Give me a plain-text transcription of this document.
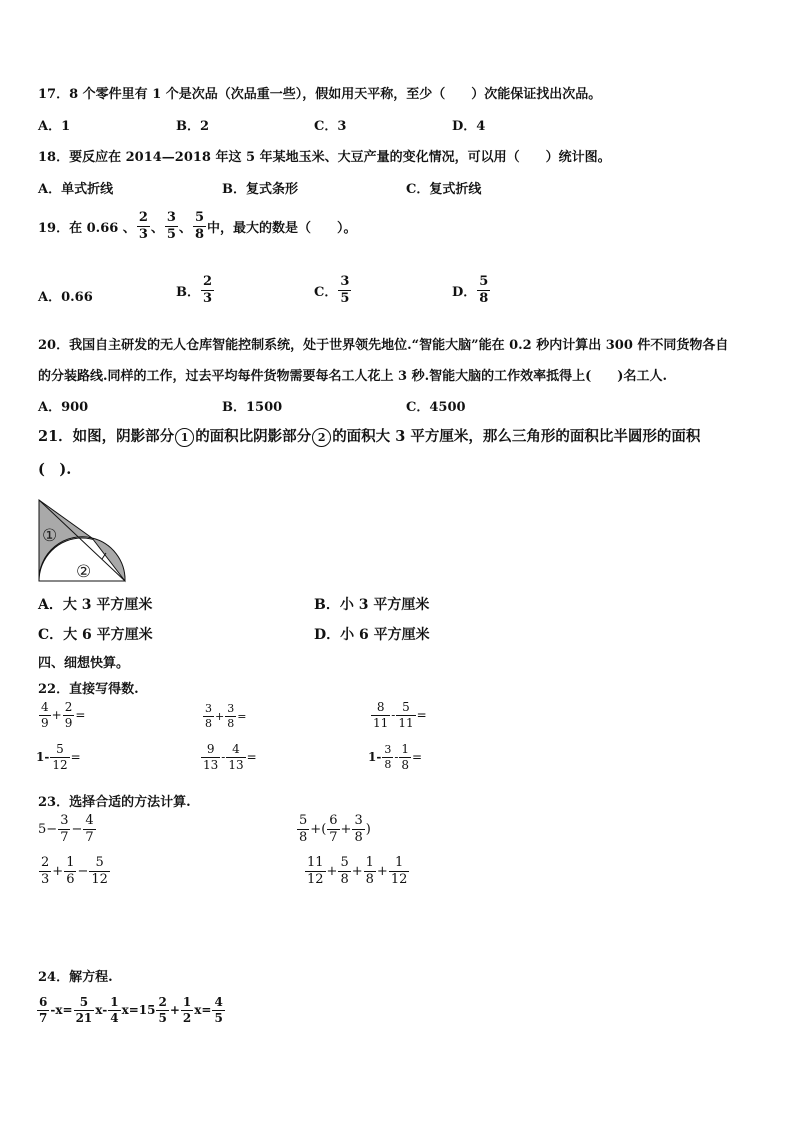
17．8 个零件里有 1 个是次品（次品重一些），假如用天平称，至少（　　）次能保证找出次品。
A．1	B．2	C．3	D．4
18．要反应在 2014—2018 年这 5 年某地玉米、大豆产量的变化情况，可以用（　　）统计图。
A．单式折线	B．复式条形	C．复式折线
19．在 0.66 、 $\frac{2}{3}$ 、 $\frac{3}{5}$ 、 $\frac{5}{8}$ 中，最大的数是（　　）。
A．0.66	B． $\frac{2}{3}$	C． $\frac{3}{5}$	D． $\frac{5}{8}$
20．我国自主研发的无人仓库智能控制系统，处于世界领先地位.“智能大脑”能在 0.2 秒内计算出 300 件不同货物各自
的分装路线.同样的工作，过去平均每件货物需要每名工人花上 3 秒.智能大脑的工作效率抵得上(　　)名工人.
A．900	B．1500	C．4500
21．如图，阴影部分 1 的面积比阴影部分 2 的面积大 3 平方厘米，那么三角形的面积比半圆形的面积
(　).
①
②
A．大 3 平方厘米	B．小 3 平方厘米
C．大 6 平方厘米	D．小 6 平方厘米
四、细想快算。
22．直接写得数.
$\frac{4}{9} + \frac{2}{9}$ =	$\frac{3}{8} + \frac{3}{8}$ =	$\frac{8}{11} - \frac{5}{11}$ =
$1- \frac{5}{12}$ =	$\frac{9}{13} - \frac{4}{13}$ =	$1- \frac{3}{8} - \frac{1}{8}$ =
23．选择合适的方法计算.
$5 - \frac{3}{7} - \frac{4}{7}$	$\frac{5}{8}$ + ( $\frac{6}{7} + \frac{3}{8}$ )
$\frac{2}{3} + \frac{1}{6} - \frac{5}{12}$	$\frac{11}{12} + \frac{5}{8} + \frac{1}{8} + \frac{1}{12}$
24．解方程.
$\frac{6}{7} -x= \frac{5}{21} x- \frac{1}{4} x=15 \frac{2}{5} + \frac{1}{2} x= \frac{4}{5}$
